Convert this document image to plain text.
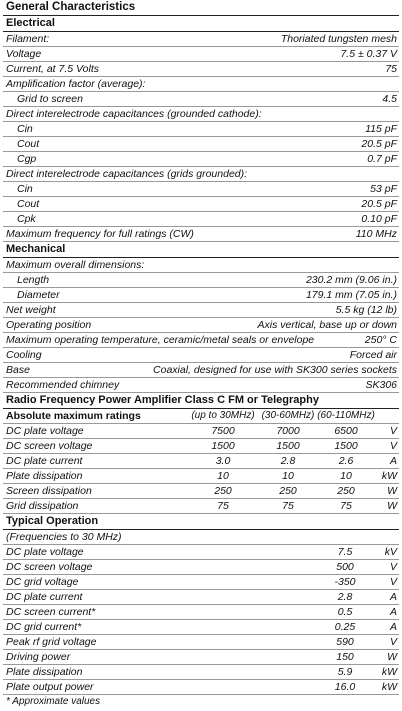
General Characteristics
Electrical
Filament:	Thoriated tungsten mesh
Voltage	7.5 ± 0.37 V
Current, at 7.5 Volts	75
Amplification factor (average):
Grid to screen	4.5
Direct interelectrode capacitances (grounded cathode):
Cin	115 pF
Cout	20.5 pF
Cgp	0.7 pF
Direct interelectrode capacitances (grids grounded):
Cin	53 pF
Cout	20.5 pF
Cpk	0.10 pF
Maximum frequency for full ratings (CW)	110 MHz
Mechanical
Maximum overall dimensions:
Length	230.2 mm (9.06 in.)
Diameter	179.1 mm (7.05 in.)
Net weight	5.5 kg (12 lb)
Operating position	Axis vertical, base up or down
Maximum operating temperature, ceramic/metal seals or envelope	250° C
Cooling	Forced air
Base	Coaxial, designed for use with SK300 series sockets
Recommended chimney	SK306
Radio Frequency Power Amplifier Class C FM or Telegraphy
Absolute maximum ratings	(up to 30MHz) (30-60MHz) (60-110MHz)
DC plate voltage	7500	7000	6500	V
DC screen voltage	1500	1500	1500	V
DC plate current	3.0	2.8	2.6	A
Plate dissipation	10	10	10	kW
Screen dissipation	250	250	250	W
Grid dissipation	75	75	75	W
Typical Operation
(Frequencies to 30 MHz)
DC plate voltage	7.5	kV
DC screen voltage	500	V
DC grid voltage	-350	V
DC plate current	2.8	A
DC screen current*	0.5	A
DC grid current*	0.25	A
Peak rf grid voltage	590	V
Driving power	150	W
Plate dissipation	5.9	kW
Plate output power	16.0	kW
* Approximate values
